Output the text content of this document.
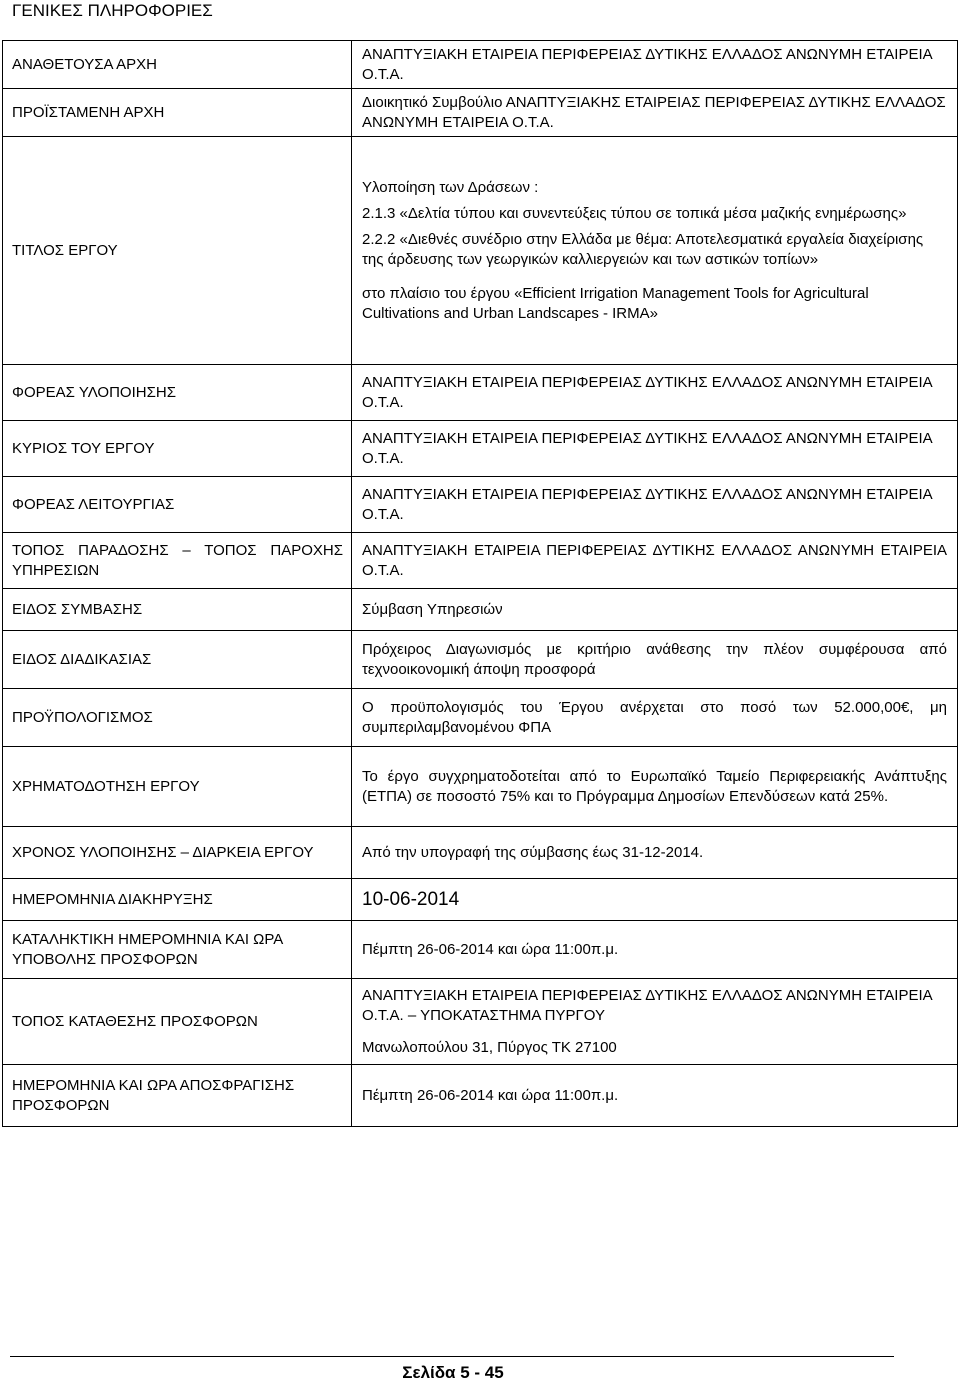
ΓΕΝΙΚΕΣ ΠΛΗΡΟΦΟΡΙΕΣ
ΑΝΑΘΕΤΟΥΣΑ ΑΡΧΗ	ΑΝΑΠΤΥΞΙΑΚΗ ΕΤΑΙΡΕΙΑ ΠΕΡΙΦΕΡΕΙΑΣ ΔΥΤΙΚΗΣ ΕΛΛΑΔΟΣ ΑΝΩΝΥΜΗ ΕΤΑΙΡΕΙΑ Ο.Τ.Α.
ΠΡΟΪΣΤΑΜΕΝΗ ΑΡΧΗ	Διοικητικό Συμβούλιο ΑΝΑΠΤΥΞΙΑΚΗΣ ΕΤΑΙΡΕΙΑΣ ΠΕΡΙΦΕΡΕΙΑΣ ΔΥΤΙΚΗΣ ΕΛΛΑΔΟΣ ΑΝΩΝΥΜΗ ΕΤΑΙΡΕΙΑ Ο.Τ.Α.
ΤΙΤΛΟΣ ΕΡΓΟΥ	Υλοποίηση των Δράσεων :
2.1.3 «Δελτία τύπου και συνεντεύξεις τύπου σε τοπικά μέσα μαζικής ενημέρωσης»
2.2.2 «Διεθνές συνέδριο στην Ελλάδα με θέμα: Αποτελεσματικά εργαλεία διαχείρισης της άρδευσης των γεωργικών καλλιεργειών και των αστικών τοπίων»
στο πλαίσιο του έργου «Efficient Irrigation Management Tools for Agricultural Cultivations and Urban Landscapes - IRMA»

ΦΟΡΕΑΣ ΥΛΟΠΟΙΗΣΗΣ	ΑΝΑΠΤΥΞΙΑΚΗ ΕΤΑΙΡΕΙΑ ΠΕΡΙΦΕΡΕΙΑΣ ΔΥΤΙΚΗΣ ΕΛΛΑΔΟΣ ΑΝΩΝΥΜΗ ΕΤΑΙΡΕΙΑ Ο.Τ.Α.
ΚΥΡΙΟΣ ΤΟΥ ΕΡΓΟΥ	ΑΝΑΠΤΥΞΙΑΚΗ ΕΤΑΙΡΕΙΑ ΠΕΡΙΦΕΡΕΙΑΣ ΔΥΤΙΚΗΣ ΕΛΛΑΔΟΣ ΑΝΩΝΥΜΗ ΕΤΑΙΡΕΙΑ Ο.Τ.Α.
ΦΟΡΕΑΣ ΛΕΙΤΟΥΡΓΙΑΣ	ΑΝΑΠΤΥΞΙΑΚΗ ΕΤΑΙΡΕΙΑ ΠΕΡΙΦΕΡΕΙΑΣ ΔΥΤΙΚΗΣ ΕΛΛΑΔΟΣ ΑΝΩΝΥΜΗ ΕΤΑΙΡΕΙΑ Ο.Τ.Α.
ΤΟΠΟΣ ΠΑΡΑΔΟΣΗΣ – ΤΟΠΟΣ ΠΑΡΟΧΗΣ ΥΠΗΡΕΣΙΩΝ	ΑΝΑΠΤΥΞΙΑΚΗ ΕΤΑΙΡΕΙΑ ΠΕΡΙΦΕΡΕΙΑΣ ΔΥΤΙΚΗΣ ΕΛΛΑΔΟΣ ΑΝΩΝΥΜΗ ΕΤΑΙΡΕΙΑ Ο.Τ.Α.
ΕΙΔΟΣ ΣΥΜΒΑΣΗΣ	Σύμβαση Υπηρεσιών
ΕΙΔΟΣ ΔΙΑΔΙΚΑΣΙΑΣ	Πρόχειρος Διαγωνισμός με κριτήριο ανάθεσης την πλέον συμφέρουσα από τεχνοοικονομική άποψη προσφορά
ΠΡΟΫΠΟΛΟΓΙΣΜΟΣ	Ο προϋπολογισμός του Έργου ανέρχεται στο ποσό των 52.000,00€, μη συμπεριλαμβανομένου ΦΠΑ
ΧΡΗΜΑΤΟΔΟΤΗΣΗ ΕΡΓΟΥ	Το έργο συγχρηματοδοτείται από το Ευρωπαϊκό Ταμείο Περιφερειακής Ανάπτυξης (ΕΤΠΑ) σε ποσοστό 75% και το Πρόγραμμα Δημοσίων Επενδύσεων κατά 25%.
ΧΡΟΝΟΣ ΥΛΟΠΟΙΗΣΗΣ – ΔΙΑΡΚΕΙΑ ΕΡΓΟΥ	Από την υπογραφή της σύμβασης έως 31-12-2014.
ΗΜΕΡΟΜΗΝΙΑ ΔΙΑΚΗΡΥΞΗΣ	10-06-2014
ΚΑΤΑΛΗΚΤΙΚΗ ΗΜΕΡΟΜΗΝΙΑ ΚΑΙ ΩΡΑ ΥΠΟΒΟΛΗΣ ΠΡΟΣΦΟΡΩΝ	Πέμπτη 26-06-2014 και ώρα 11:00π.μ.
ΤΟΠΟΣ ΚΑΤΑΘΕΣΗΣ ΠΡΟΣΦΟΡΩΝ	ΑΝΑΠΤΥΞΙΑΚΗ ΕΤΑΙΡΕΙΑ ΠΕΡΙΦΕΡΕΙΑΣ ΔΥΤΙΚΗΣ ΕΛΛΑΔΟΣ ΑΝΩΝΥΜΗ ΕΤΑΙΡΕΙΑ Ο.Τ.Α. – ΥΠΟΚΑΤΑΣΤΗΜΑ ΠΥΡΓΟΥ
Μανωλοπούλου 31, Πύργος ΤΚ 27100

ΗΜΕΡΟΜΗΝΙΑ ΚΑΙ ΩΡΑ ΑΠΟΣΦΡΑΓΙΣΗΣ ΠΡΟΣΦΟΡΩΝ	Πέμπτη 26-06-2014 και ώρα 11:00π.μ.
Σελίδα 5 - 45
